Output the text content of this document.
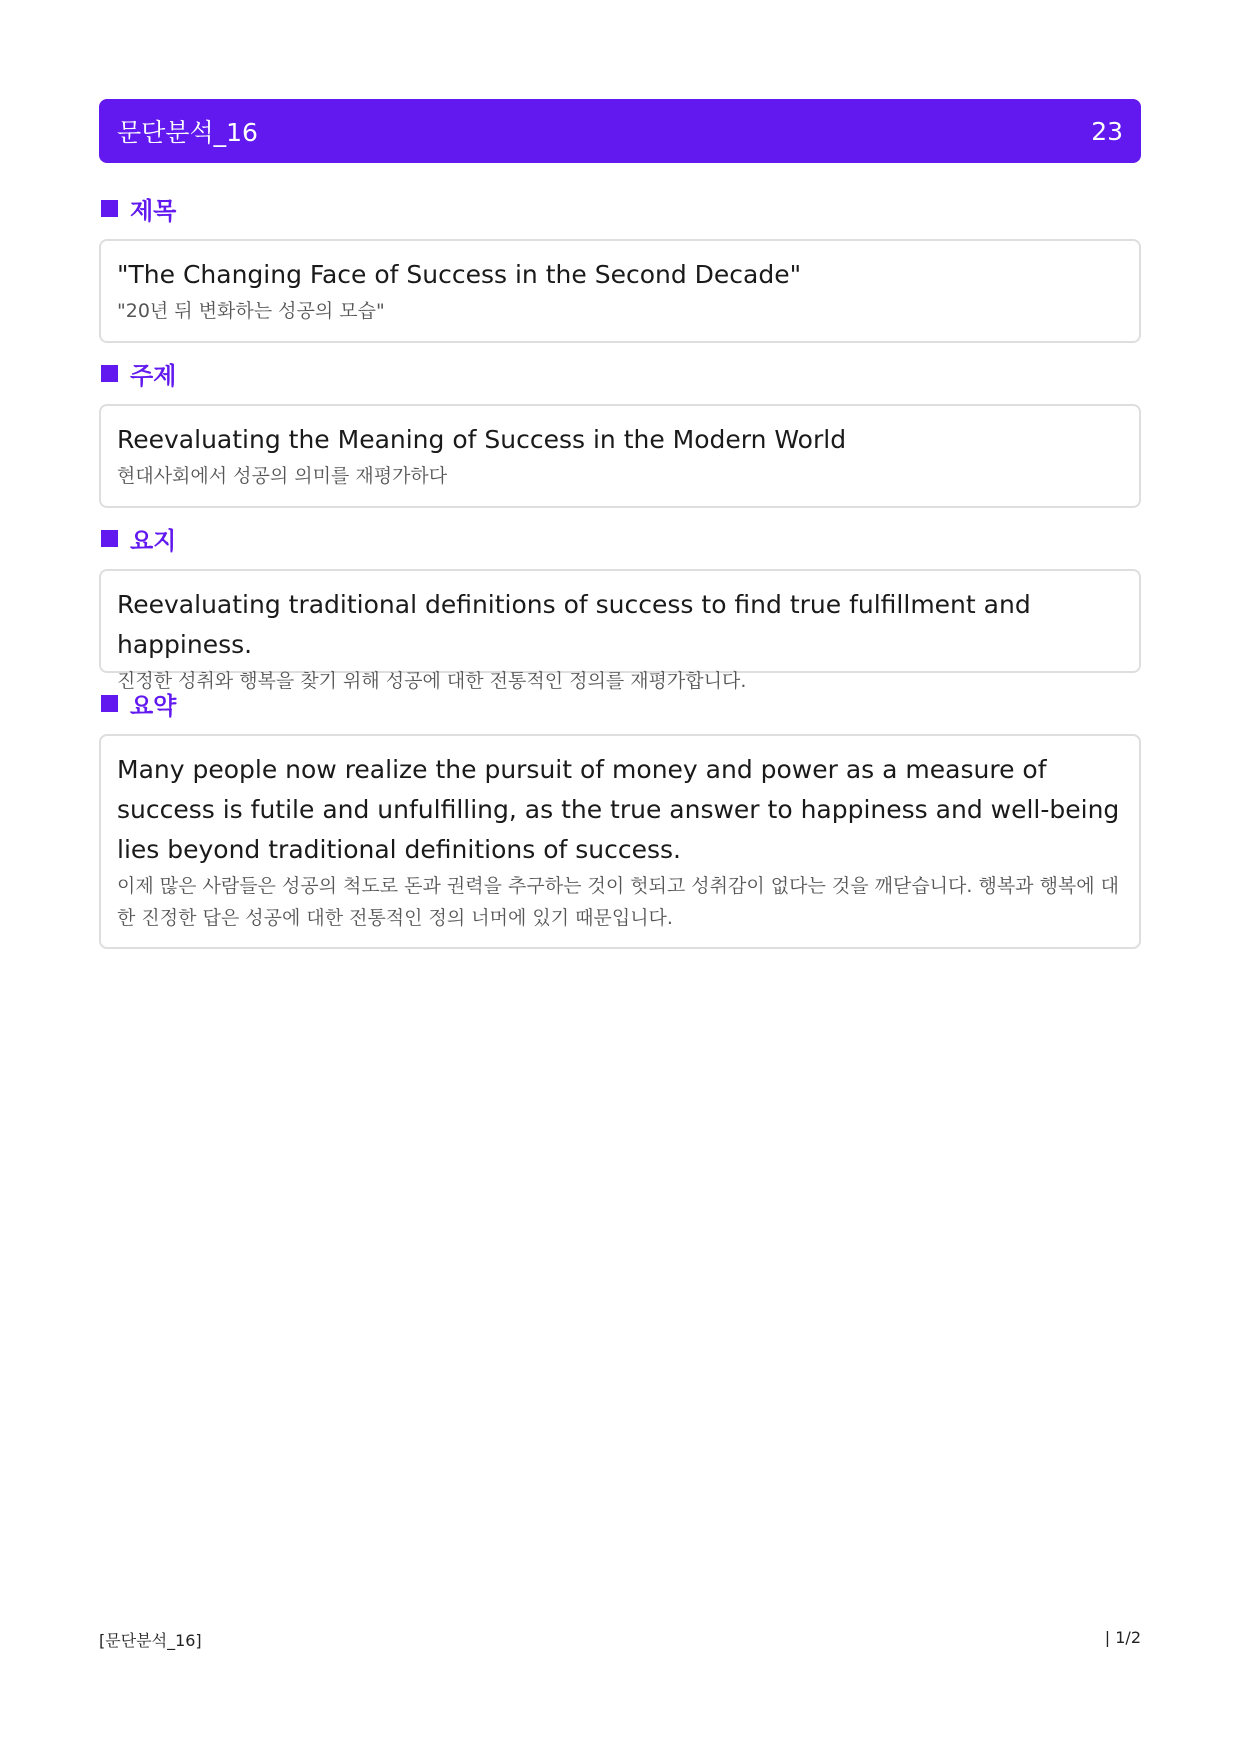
문단분석_16	23
제목
"The Changing Face of Success in the Second Decade"
"20년 뒤 변화하는 성공의 모습"
주제
Reevaluating the Meaning of Success in the Modern World
현대사회에서 성공의 의미를 재평가하다
요지
Reevaluating traditional definitions of success to find true fulfillment and happiness.
진정한 성취와 행복을 찾기 위해 성공에 대한 전통적인 정의를 재평가합니다.
요약
Many people now realize the pursuit of money and power as a measure of success is futile and unfulfilling, as the true answer to happiness and well-being lies beyond traditional definitions of success.
이제 많은 사람들은 성공의 척도로 돈과 권력을 추구하는 것이 헛되고 성취감이 없다는 것을 깨닫습니다. 행복과 행복에 대한 진정한 답은 성공에 대한 전통적인 정의 너머에 있기 때문입니다.
[문단분석_16]	| 1/2
